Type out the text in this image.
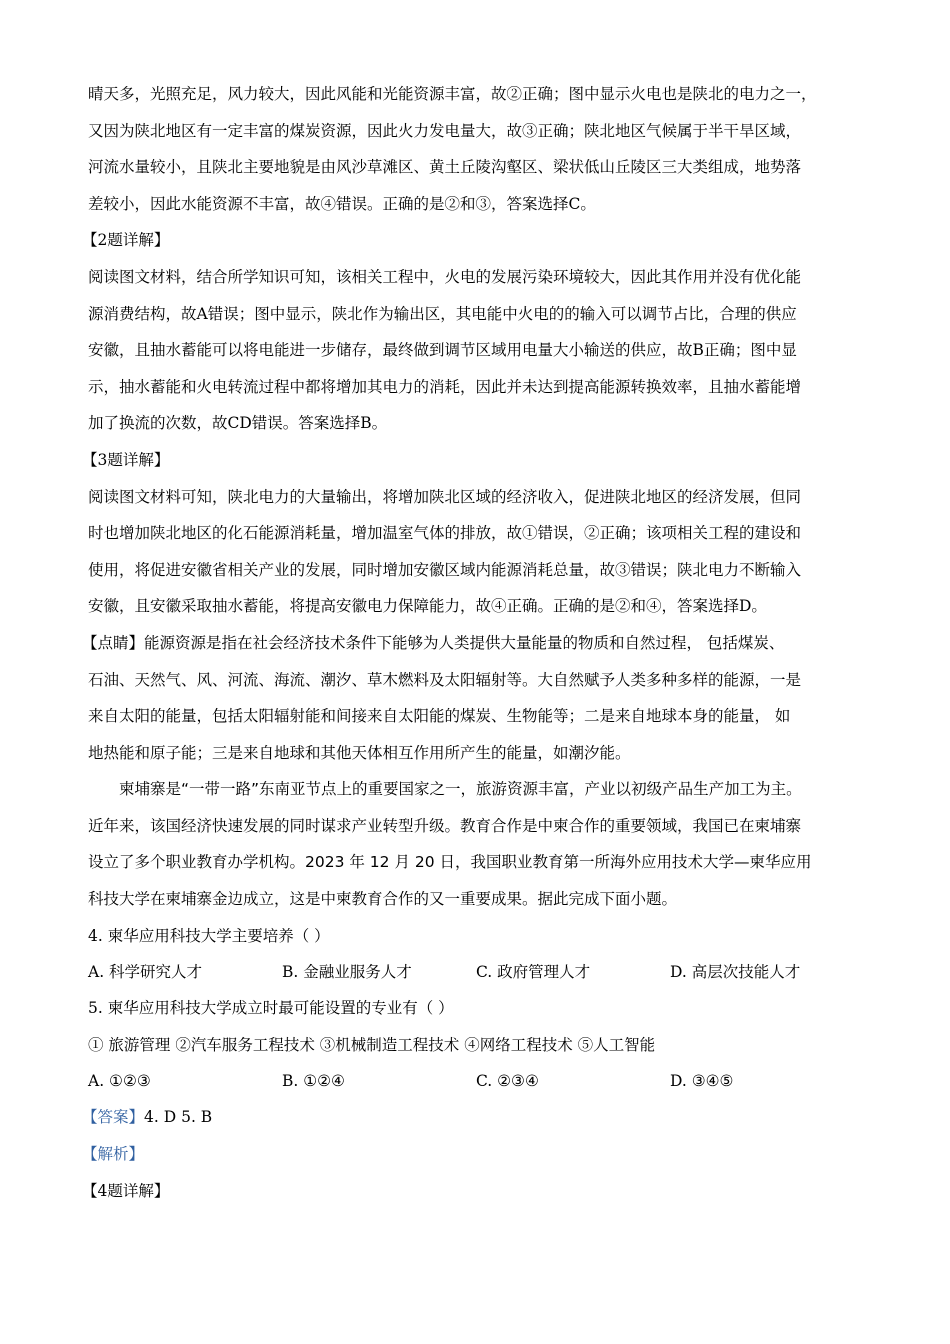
晴天多，光照充足，风力较大，因此风能和光能资源丰富，故②正确；图中显示火电也是陕北的电力之一，

又因为陕北地区有一定丰富的煤炭资源，因此火力发电量大，故③正确；陕北地区气候属于半干旱区域，

河流水量较小，且陕北主要地貌是由风沙草滩区、黄土丘陵沟壑区、梁状低山丘陵区三大类组成，地势落

差较小，因此水能资源不丰富，故④错误。正确的是②和③，答案选择C。

【2题详解】

阅读图文材料，结合所学知识可知，该相关工程中，火电的发展污染环境较大，因此其作用并没有优化能

源消费结构，故A错误；图中显示，陕北作为输出区，其电能中火电的的输入可以调节占比，合理的供应

安徽，且抽水蓄能可以将电能进一步储存，最终做到调节区域用电量大小输送的供应，故B正确；图中显

示，抽水蓄能和火电转流过程中都将增加其电力的消耗，因此并未达到提高能源转换效率，且抽水蓄能增

加了换流的次数，故CD错误。答案选择B。

【3题详解】

阅读图文材料可知，陕北电力的大量输出，将增加陕北区域的经济收入，促进陕北地区的经济发展，但同

时也增加陕北地区的化石能源消耗量，增加温室气体的排放，故①错误，②正确；该项相关工程的建设和

使用，将促进安徽省相关产业的发展，同时增加安徽区域内能源消耗总量，故③错误；陕北电力不断输入

安徽，且安徽采取抽水蓄能，将提高安徽电力保障能力，故④正确。正确的是②和④，答案选择D。

【点睛】能源资源是指在社会经济技术条件下能够为人类提供大量能量的物质和自然过程， 包括煤炭、

石油、天然气、风、河流、海流、潮汐、草木燃料及太阳辐射等。大自然赋予人类多种多样的能源，一是

来自太阳的能量，包括太阳辐射能和间接来自太阳能的煤炭、生物能等；二是来自地球本身的能量， 如

地热能和原子能；三是来自地球和其他天体相互作用所产生的能量，如潮汐能。

柬埔寨是“一带一路”东南亚节点上的重要国家之一，旅游资源丰富，产业以初级产品生产加工为主。

近年来，该国经济快速发展的同时谋求产业转型升级。教育合作是中柬合作的重要领域，我国已在柬埔寨

设立了多个职业教育办学机构。2023 年 12 月 20 日，我国职业教育第一所海外应用技术大学—柬华应用

科技大学在柬埔寨金边成立，这是中柬教育合作的又一重要成果。据此完成下面小题。

4. 柬华应用科技大学主要培养（ ）

A. 科学研究人才	B. 金融业服务人才	C. 政府管理人才	D. 高层次技能人才

5. 柬华应用科技大学成立时最可能设置的专业有（ ）

① 旅游管理 ②汽车服务工程技术 ③机械制造工程技术 ④网络工程技术 ⑤人工智能

A. ①②③	B. ①②④	C. ②③④	D. ③④⑤

【答案】4. D 5. B

【解析】

【4题详解】
